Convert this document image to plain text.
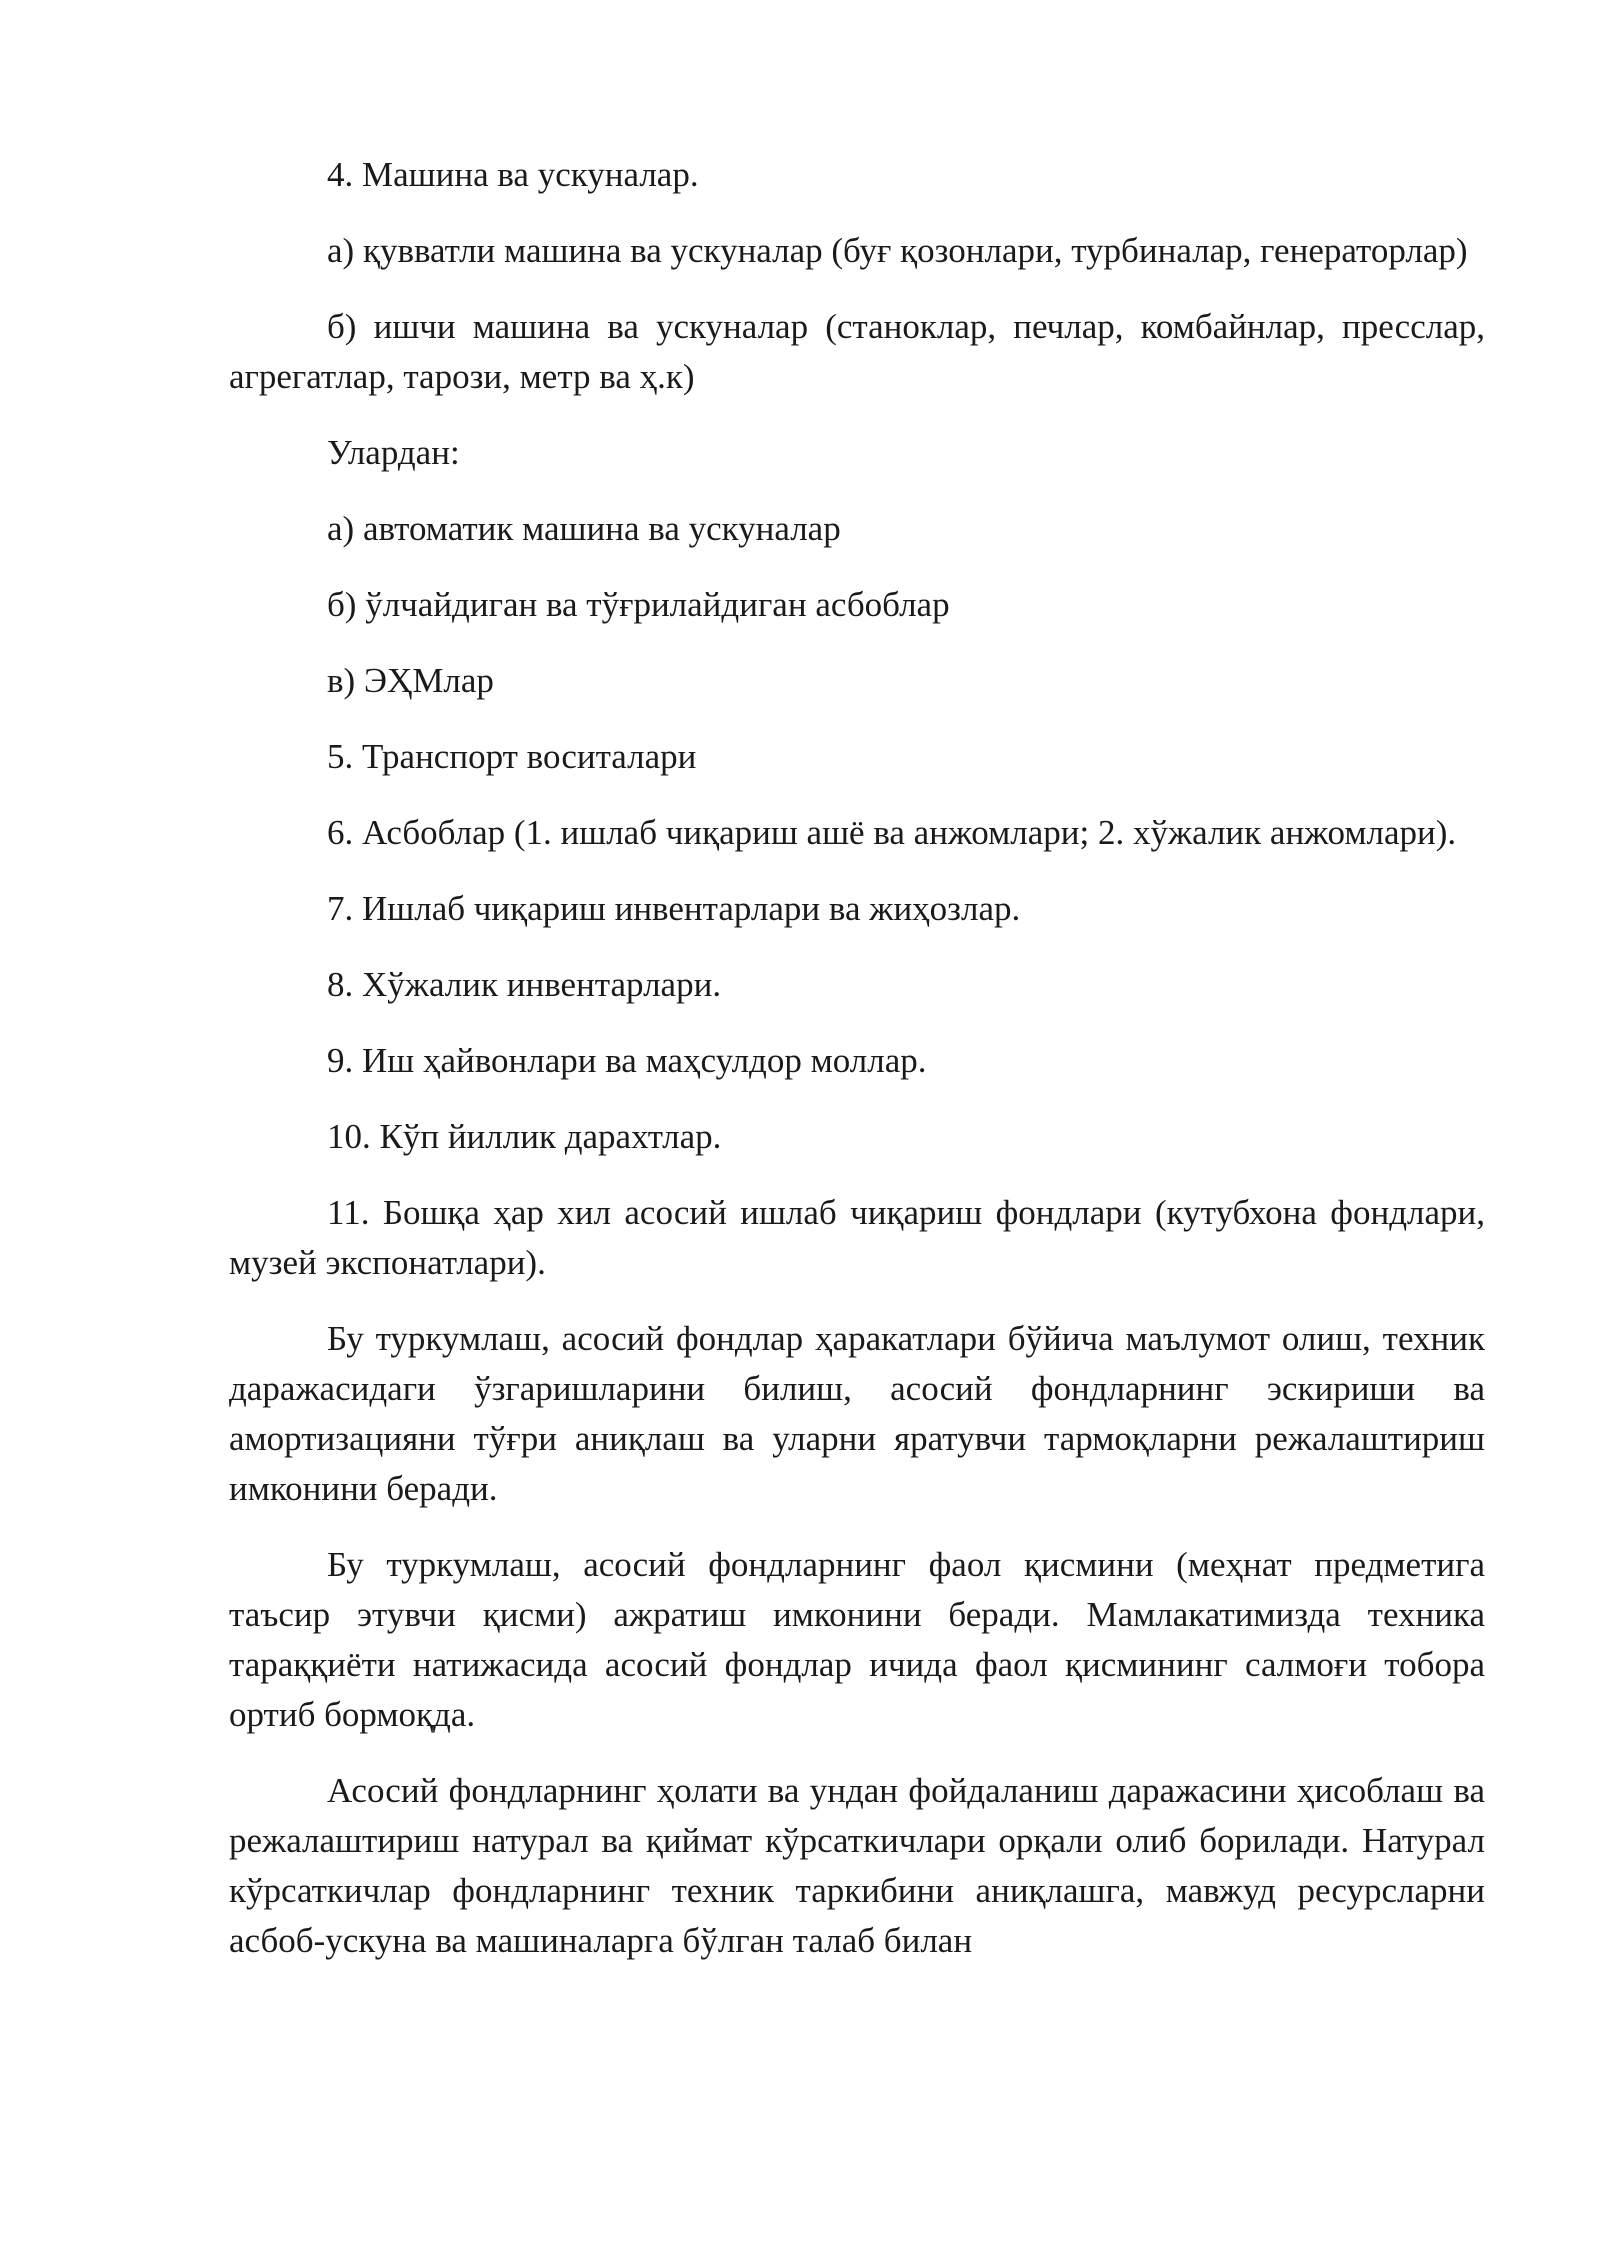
4. Машина ва ускуналар.

а) қувватли машина ва ускуналар (буғ қозонлари, турбиналар, генераторлар)

б) ишчи машина ва ускуналар (станоклар, печлар, комбайнлар, пресслар, агрегатлар, тарози, метр ва ҳ.к)

Улардан:

а) автоматик машина ва ускуналар

б) ўлчайдиган ва тўғрилайдиган асбоблар

в) ЭҲМлар

5. Транспорт воситалари

6. Асбоблар (1. ишлаб чиқариш ашё ва анжомлари; 2. хўжалик анжомлари).

7. Ишлаб чиқариш инвентарлари ва жиҳозлар.

8. Хўжалик инвентарлари.

9. Иш ҳайвонлари ва маҳсулдор моллар.

10. Кўп йиллик дарахтлар.

11. Бошқа ҳар хил асосий ишлаб чиқариш фондлари (кутубхона фондлари, музей экспонатлари).

Бу туркумлаш, асосий фондлар ҳаракатлари бўйича маълумот олиш, техник даражасидаги ўзгаришларини билиш, асосий фондларнинг эскириши ва амортизацияни тўғри аниқлаш ва уларни яратувчи тармоқларни режалаштириш имконини беради.

Бу туркумлаш, асосий фондларнинг фаол қисмини (меҳнат предметига таъсир этувчи қисми) ажратиш имконини беради. Мамлакатимизда техника тараққиёти натижасида асосий фондлар ичида фаол қисмининг салмоғи тобора ортиб бормоқда.

Асосий фондларнинг ҳолати ва ундан фойдаланиш даражасини ҳисоблаш ва режалаштириш натурал ва қиймат кўрсаткичлари орқали олиб борилади. Натурал кўрсаткичлар фондларнинг техник таркибини аниқлашга, мавжуд ресурсларни асбоб-ускуна ва машиналарга бўлган талаб билан
